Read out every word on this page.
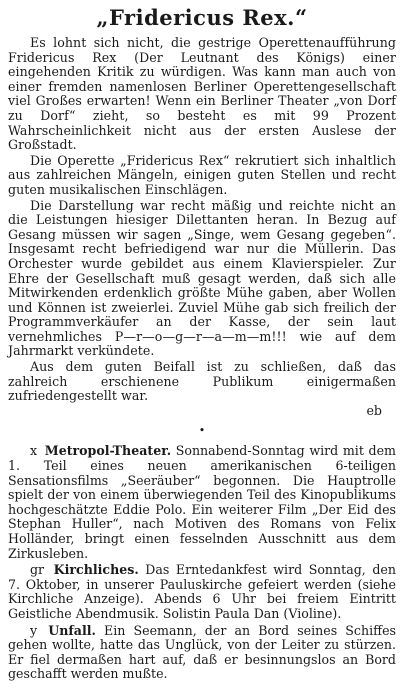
„Fridericus Rex.“

Es lohnt sich nicht, die gestrige Operettenaufführung Fridericus Rex (Der Leutnant des Königs) einer eingehenden Kritik zu würdigen. Was kann man auch von einer fremden namenlosen Berliner Operettengesellschaft viel Großes erwarten! Wenn ein Berliner Theater „von Dorf zu Dorf“ zieht, so besteht es mit 99 Prozent Wahrscheinlichkeit nicht aus der ersten Auslese der Großstadt.

Die Operette „Fridericus Rex“ rekrutiert sich inhaltlich aus zahlreichen Mängeln, einigen guten Stellen und recht guten musikalischen Einschlägen.

Die Darstellung war recht mäßig und reichte nicht an die Leistungen hiesiger Dilettanten heran. In Bezug auf Gesang müssen wir sagen „Singe, wem Gesang gegeben“. Insgesamt recht befriedigend war nur die Müllerin. Das Orchester wurde gebildet aus einem Klavierspieler. Zur Ehre der Gesellschaft muß gesagt werden, daß sich alle Mitwirkenden erdenklich größte Mühe gaben, aber Wollen und Können ist zweierlei. Zuviel Mühe gab sich freilich der Programmverkäufer an der Kasse, der sein laut vernehmliches P—r—o—g—r—a—m—m!!! wie auf dem Jahrmarkt verkündete.

Aus dem guten Beifall ist zu schließen, daß das zahlreich erschienene Publikum einigermaßen zufriedengestellt war.

eb
•

x Metropol-Theater. Sonnabend-Sonntag wird mit dem 1. Teil eines neuen amerikanischen 6-teiligen Sensationsfilms „Seeräuber“ begonnen. Die Hauptrolle spielt der von einem überwiegenden Teil des Kinopublikums hochgeschätzte Eddie Polo. Ein weiterer Film „Der Eid des Stephan Huller“, nach Motiven des Romans von Felix Holländer, bringt einen fesselnden Ausschnitt aus dem Zirkusleben.

gr Kirchliches. Das Erntedankfest wird Sonntag, den 7. Oktober, in unserer Pauluskirche gefeiert werden (siehe Kirchliche Anzeige). Abends 6 Uhr bei freiem Eintritt Geistliche Abendmusik. Solistin Paula Dan (Violine).

y Unfall. Ein Seemann, der an Bord seines Schiffes gehen wollte, hatte das Unglück, von der Leiter zu stürzen. Er fiel dermaßen hart auf, daß er besinnungslos an Bord geschafft werden mußte.
